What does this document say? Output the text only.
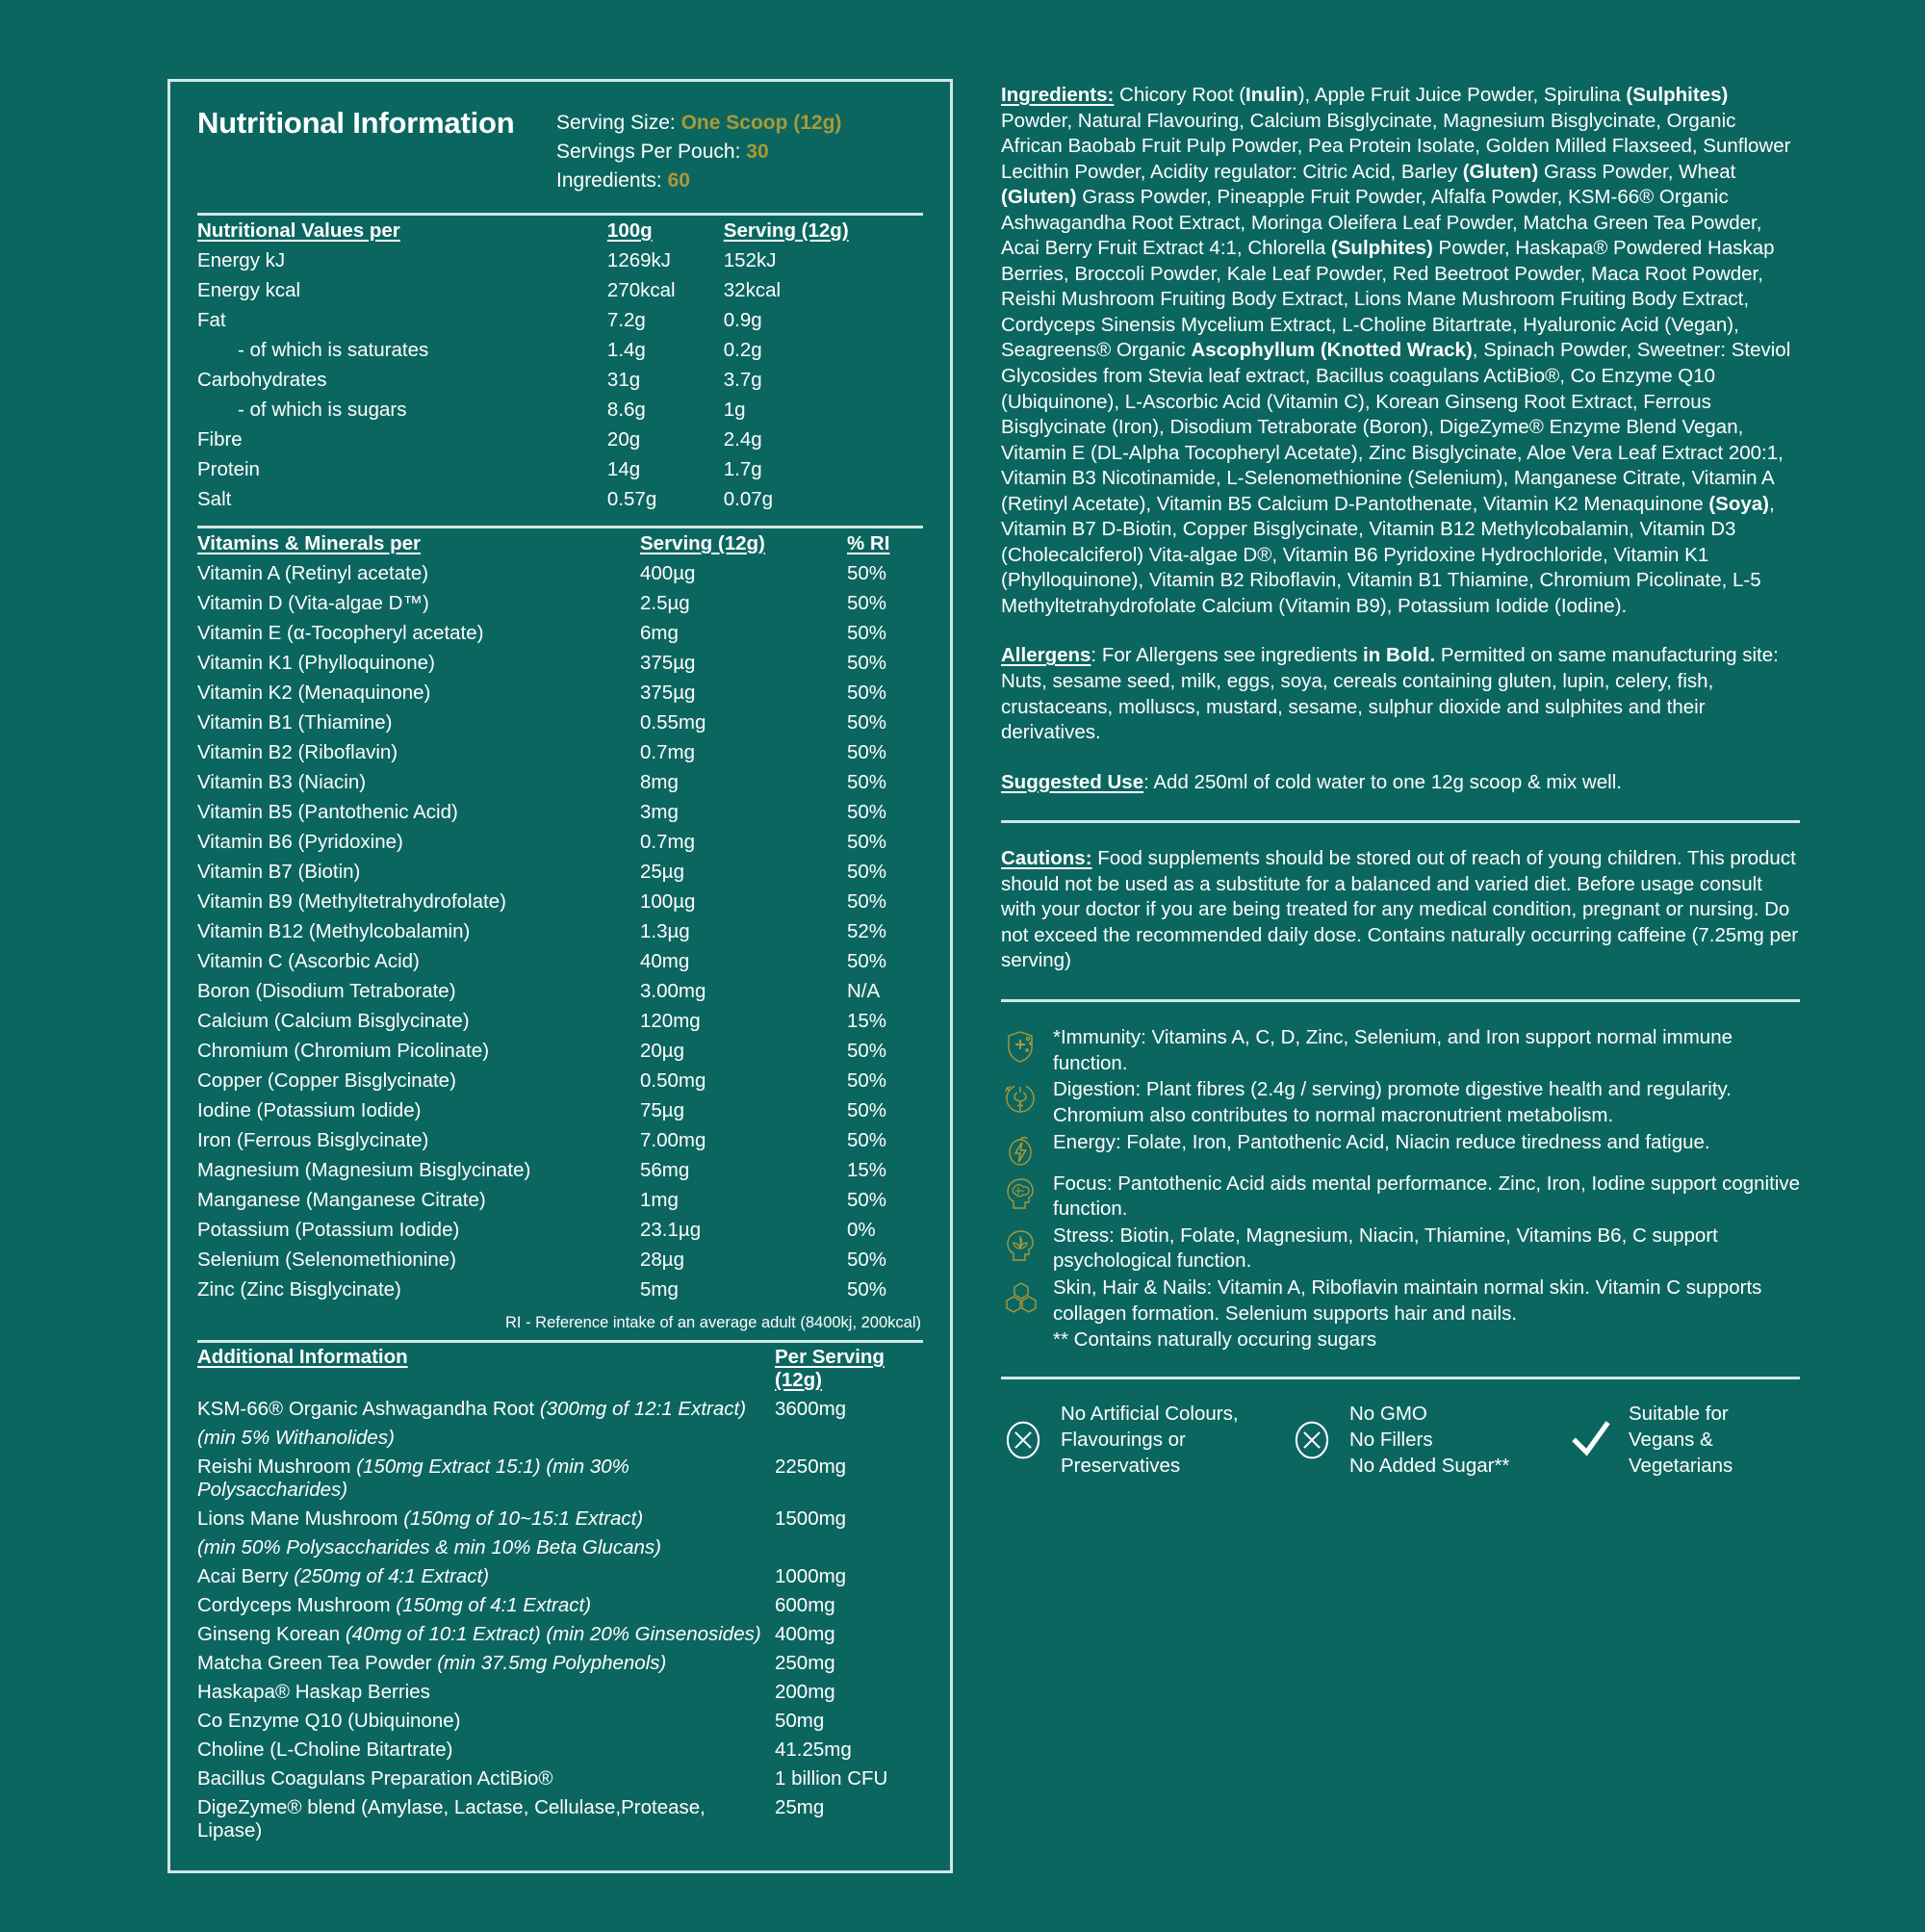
Nutritional Information	Serving Size: One Scoop (12g)
Servings Per Pouch: 30
Ingredients: 60
Nutritional Values per	100g	Serving (12g)
Energy kJ	1269kJ	152kJ
Energy kcal	270kcal	32kcal
Fat	7.2g	0.9g
- of which is saturates	1.4g	0.2g
Carbohydrates	31g	3.7g
- of which is sugars	8.6g	1g
Fibre	20g	2.4g
Protein	14g	1.7g
Salt	0.57g	0.07g
Vitamins & Minerals per	Serving (12g)	% RI
Vitamin A (Retinyl acetate)	400µg	50%
Vitamin D (Vita-algae D™)	2.5µg	50%
Vitamin E (α-Tocopheryl acetate)	6mg	50%
Vitamin K1 (Phylloquinone)	375µg	50%
Vitamin K2 (Menaquinone)	375µg	50%
Vitamin B1 (Thiamine)	0.55mg	50%
Vitamin B2 (Riboflavin)	0.7mg	50%
Vitamin B3 (Niacin)	8mg	50%
Vitamin B5 (Pantothenic Acid)	3mg	50%
Vitamin B6 (Pyridoxine)	0.7mg	50%
Vitamin B7 (Biotin)	25µg	50%
Vitamin B9 (Methyltetrahydrofolate)	100µg	50%
Vitamin B12 (Methylcobalamin)	1.3µg	52%
Vitamin C (Ascorbic Acid)	40mg	50%
Boron (Disodium Tetraborate)	3.00mg	N/A
Calcium (Calcium Bisglycinate)	120mg	15%
Chromium (Chromium Picolinate)	20µg	50%
Copper (Copper Bisglycinate)	0.50mg	50%
Iodine (Potassium Iodide)	75µg	50%
Iron (Ferrous Bisglycinate)	7.00mg	50%
Magnesium (Magnesium Bisglycinate)	56mg	15%
Manganese (Manganese Citrate)	1mg	50%
Potassium (Potassium Iodide)	23.1µg	0%
Selenium (Selenomethionine)	28µg	50%
Zinc (Zinc Bisglycinate)	5mg	50%
RI - Reference intake of an average adult (8400kj, 200kcal)
Additional Information	Per Serving (12g)
KSM-66® Organic Ashwagandha Root (300mg of 12:1 Extract)	3600mg
(min 5% Withanolides)	
Reishi Mushroom (150mg Extract 15:1) (min 30% Polysaccharides)	2250mg
Lions Mane Mushroom (150mg of 10~15:1 Extract)	1500mg
(min 50% Polysaccharides & min 10% Beta Glucans)	
Acai Berry (250mg of 4:1 Extract)	1000mg
Cordyceps Mushroom (150mg of 4:1 Extract)	600mg
Ginseng Korean (40mg of 10:1 Extract) (min 20% Ginsenosides)	400mg
Matcha Green Tea Powder (min 37.5mg Polyphenols)	250mg
Haskapa® Haskap Berries	200mg
Co Enzyme Q10 (Ubiquinone)	50mg
Choline (L-Choline Bitartrate)	41.25mg
Bacillus Coagulans Preparation ActiBio®	1 billion CFU
DigeZyme® blend (Amylase, Lactase, Cellulase,Protease, Lipase)	25mg
Ingredients: Chicory Root (Inulin), Apple Fruit Juice Powder, Spirulina (Sulphites) Powder, Natural Flavouring, Calcium Bisglycinate, Magnesium Bisglycinate, Organic African Baobab Fruit Pulp Powder, Pea Protein Isolate, Golden Milled Flaxseed, Sunflower Lecithin Powder, Acidity regulator: Citric Acid, Barley (Gluten) Grass Powder, Wheat (Gluten) Grass Powder, Pineapple Fruit Powder, Alfalfa Powder, KSM-66® Organic Ashwagandha Root Extract, Moringa Oleifera Leaf Powder, Matcha Green Tea Powder, Acai Berry Fruit Extract 4:1, Chlorella (Sulphites) Powder, Haskapa® Powdered Haskap Berries, Broccoli Powder, Kale Leaf Powder, Red Beetroot Powder, Maca Root Powder, Reishi Mushroom Fruiting Body Extract, Lions Mane Mushroom Fruiting Body Extract, Cordyceps Sinensis Mycelium Extract, L-Choline Bitartrate, Hyaluronic Acid (Vegan), Seagreens® Organic Ascophyllum (Knotted Wrack), Spinach Powder, Sweetner: Steviol Glycosides from Stevia leaf extract, Bacillus coagulans ActiBio®, Co Enzyme Q10 (Ubiquinone), L-Ascorbic Acid (Vitamin C), Korean Ginseng Root Extract, Ferrous Bisglycinate (Iron), Disodium Tetraborate (Boron), DigeZyme® Enzyme Blend Vegan, Vitamin E (DL-Alpha Tocopheryl Acetate), Zinc Bisglycinate, Aloe Vera Leaf Extract 200:1, Vitamin B3 Nicotinamide, L-Selenomethionine (Selenium), Manganese Citrate, Vitamin A (Retinyl Acetate), Vitamin B5 Calcium D-Pantothenate, Vitamin K2 Menaquinone (Soya), Vitamin B7 D-Biotin, Copper Bisglycinate, Vitamin B12 Methylcobalamin, Vitamin D3 (Cholecalciferol) Vita-algae D®, Vitamin B6 Pyridoxine Hydrochloride, Vitamin K1 (Phylloquinone), Vitamin B2 Riboflavin, Vitamin B1 Thiamine, Chromium Picolinate, L-5 Methyltetrahydrofolate Calcium (Vitamin B9), Potassium Iodide (Iodine).
Allergens: For Allergens see ingredients in Bold. Permitted on same manufacturing site: Nuts, sesame seed, milk, eggs, soya, cereals containing gluten, lupin, celery, fish, crustaceans, molluscs, mustard, sesame, sulphur dioxide and sulphites and their derivatives.
Suggested Use: Add 250ml of cold water to one 12g scoop & mix well.
Cautions: Food supplements should be stored out of reach of young children. This product should not be used as a substitute for a balanced and varied diet. Before usage consult with your doctor if you are being treated for any medical condition, pregnant or nursing. Do not exceed the recommended daily dose. Contains naturally occurring caffeine (7.25mg per serving)
*Immunity: Vitamins A, C, D, Zinc, Selenium, and Iron support normal immune function.
Digestion: Plant fibres (2.4g / serving) promote digestive health and regularity. Chromium also contributes to normal macronutrient metabolism.
Energy: Folate, Iron, Pantothenic Acid, Niacin reduce tiredness and fatigue.
Focus: Pantothenic Acid aids mental performance. Zinc, Iron, Iodine support cognitive function.
Stress: Biotin, Folate, Magnesium, Niacin, Thiamine, Vitamins B6, C support psychological function.
Skin, Hair & Nails: Vitamin A, Riboflavin maintain normal skin. Vitamin C supports collagen formation. Selenium supports hair and nails.
** Contains naturally occuring sugars
No Artificial Colours,
Flavourings or
Preservatives
No GMO
No Fillers
No Added Sugar**
Suitable for
Vegans &
Vegetarians
